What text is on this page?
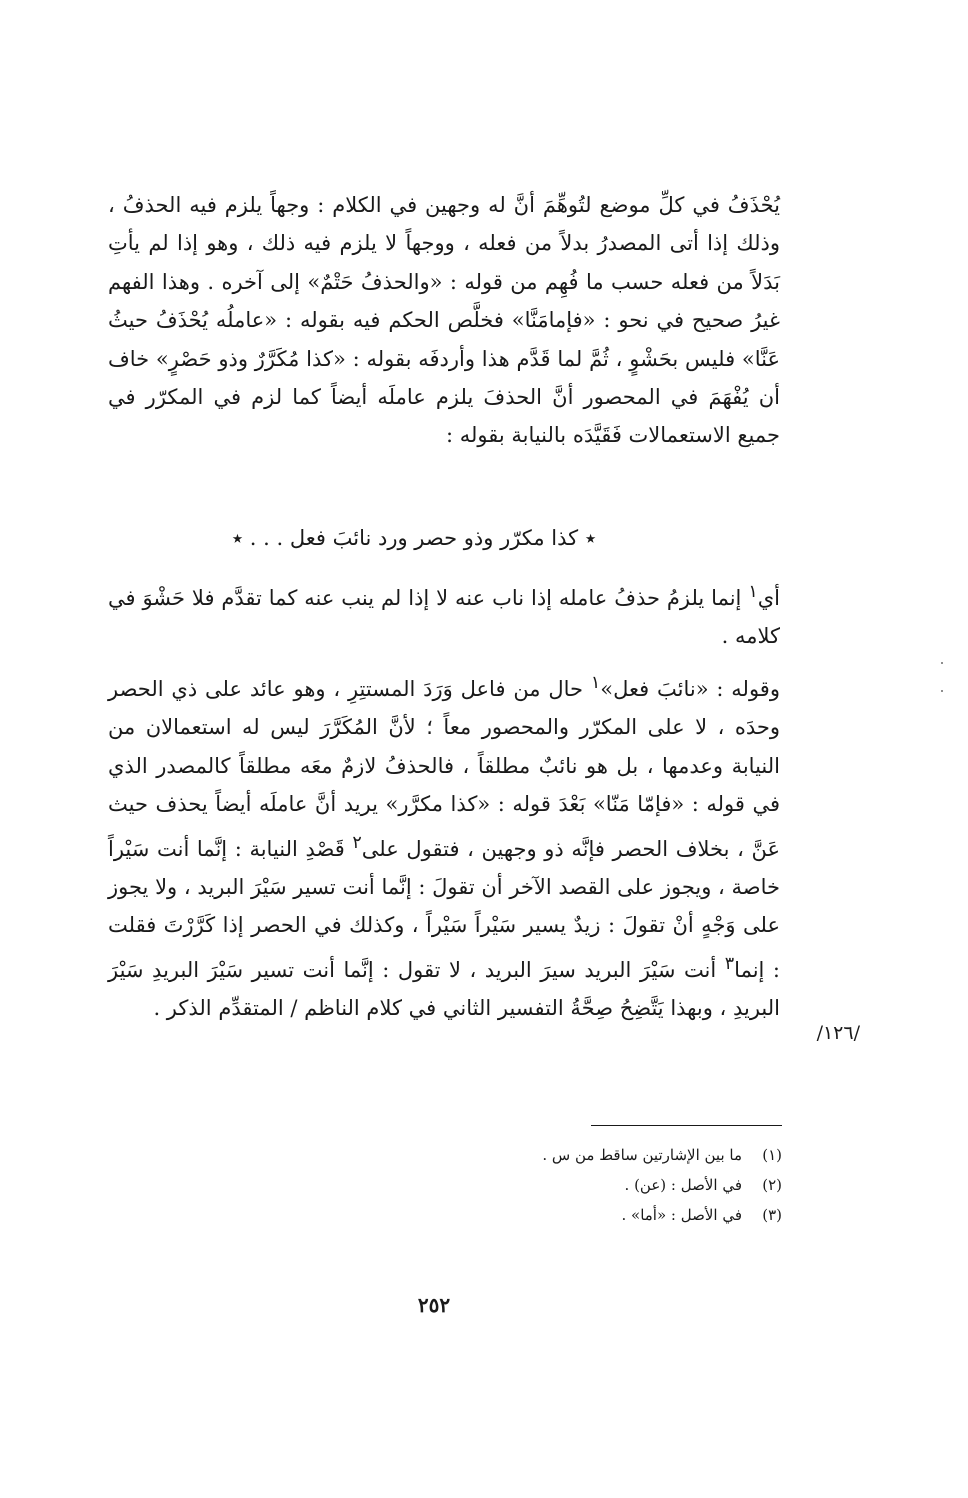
يُحْذَفُ في كلِّ موضع لتُوهِّمَ أنَّ له وجهين في الكلام : وجهاً يلزم فيه الحذفُ ، وذلك إذا أتى المصدرُ بدلاً من فعله ، ووجهاً لا يلزم فيه ذلك ، وهو إذا لم يأتِ بَدَلاً من فعله حسب ما فُهِم من قوله : «والحذفُ حَتْمٌ» إلى آخره . وهذا الفهم غيرُ صحيح في نحو : «فإمامَنَّا» فخلَّص الحكم فيه بقوله : «عاملُه يُحْذَفُ حيثُ عَنَّا» فليس بحَشْوٍ ، ثُمَّ لما قَدَّم هذا وأردفَه بقوله : «كذا مُكَرَّرٌ وذو حَصْرٍ» خاف أن يُفْهَمَ في المحصور أنَّ الحذفَ يلزم عاملَه أيضاً كما لزم في المكرّر في جميع الاستعمالات فَقَيَّدَه بالنيابة بقوله :

٭ كذا مكرّر وذو حصر ورد نائبَ فعل . . . ٭

أي$^١$ إنما يلزمُ حذفُ عامله إذا ناب عنه لا إذا لم ينب عنه كما تقدَّم فلا حَشْوَ في كلامه .

وقوله : «نائبَ فعل»$^١$ حال من فاعل وَرَدَ المستتِرِ ، وهو عائد على ذي الحصر وحدَه ، لا على المكرّر والمحصور معاً ؛ لأنَّ المُكَرَّرَ ليس له استعمالان من النيابة وعدمها ، بل هو نائبٌ مطلقاً ، فالحذفُ لازمٌ معَه مطلقاً كالمصدر الذي في قوله : «فإمّا مَنّا» بَعْدَ قوله : «كذا مكرَّر» يريد أنَّ عاملَه أيضاً يحذف حيث عَنَّ ، بخلاف الحصر فإنَّه ذو وجهين ، فتقول على$^٢$ قَصْدِ النيابة : إنَّما أنت سَيْراً خاصة ، ويجوز على القصد الآخر أن تقولَ : إنَّما أنت تسير سَيْرَ البريد ، ولا يجوز على وَجْهٍ أنْ تقولَ : زيدٌ يسير سَيْراً سَيْراً ، وكذلك في الحصر إذا كَرَّرْتَ فقلت : إنما$^٣$ أنت سَيْرَ البريد سيرَ البريد ، لا تقول : إنَّما أنت تسير سَيْرَ البريدِ سَيْرَ البريدِ ، وبهذا يَتَّضِحُ صِحَّةُ التفسير الثاني في كلام الناظم / المتقدِّم الذكر .

/١٢٦/
(١)
ما بين الإشارتين ساقط من س .
(٢)
في الأصل : (عن) .
(٣)
في الأصل : «أما» .
٢٥٢
